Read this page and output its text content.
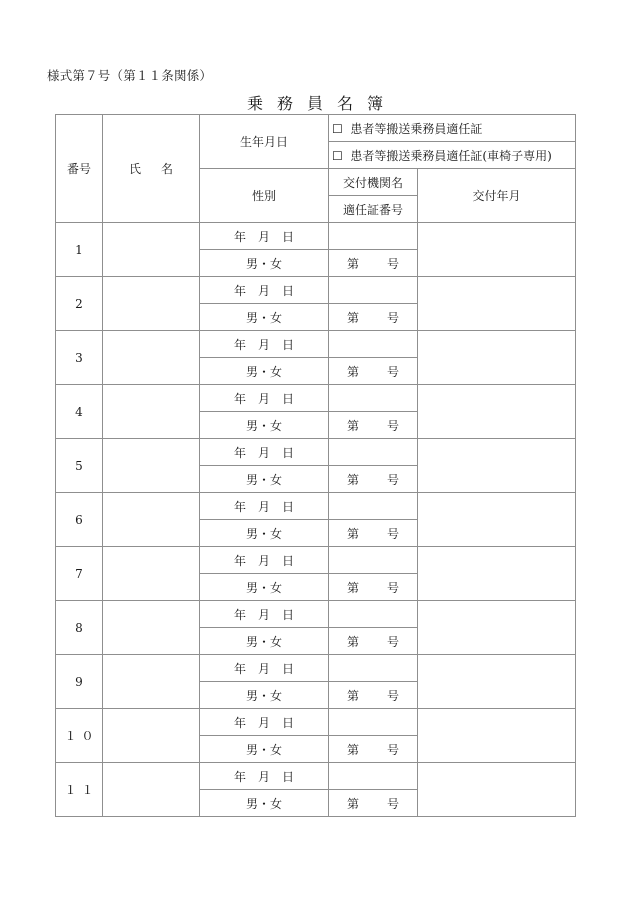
様式第７号（第１１条関係）
乗務員名簿
番号	氏名	生年月日	☐ 患者等搬送乗務員適任証	
			☐ 患者等搬送乗務員適任証(車椅子専用)	
		性別	交付機関名	交付年月
			適任証番号	
1		年月日		
		男・女	第 号	
2		年月日		
		男・女	第 号	
3		年月日		
		男・女	第 号	
4		年月日		
		男・女	第 号	
5		年月日		
		男・女	第 号	
6		年月日		
		男・女	第 号	
7		年月日		
		男・女	第 号	
8		年月日		
		男・女	第 号	
9		年月日		
		男・女	第 号	
１０		年月日		
		男・女	第 号	
１１		年月日		
		男・女	第 号	
